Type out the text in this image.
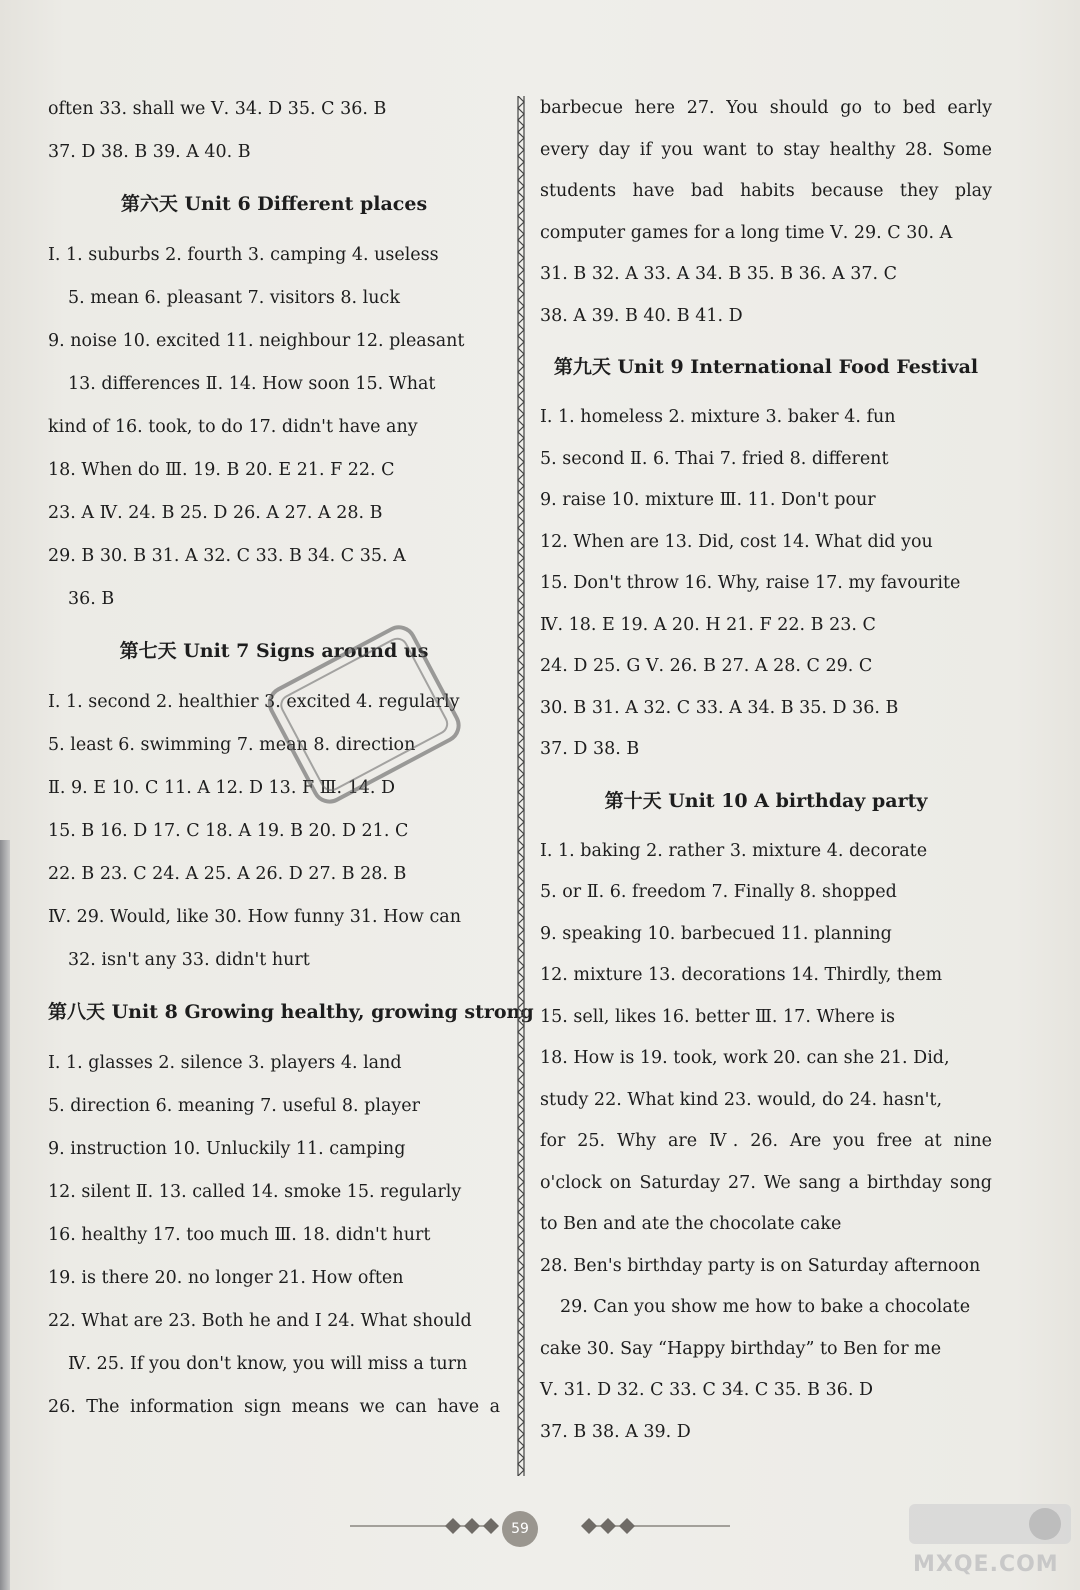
often 33. shall we Ⅴ. 34. D 35. C 36. B
37. D 38. B 39. A 40. B
第六天 Unit 6 Different places
Ⅰ. 1. suburbs 2. fourth 3. camping 4. useless
5. mean 6. pleasant 7. visitors 8. luck
9. noise 10. excited 11. neighbour 12. pleasant
13. differences Ⅱ. 14. How soon 15. What
kind of 16. took, to do 17. didn't have any
18. When do Ⅲ. 19. B 20. E 21. F 22. C
23. A Ⅳ. 24. B 25. D 26. A 27. A 28. B
29. B 30. B 31. A 32. C 33. B 34. C 35. A
36. B
第七天 Unit 7 Signs around us
Ⅰ. 1. second 2. healthier 3. excited 4. regularly
5. least 6. swimming 7. mean 8. direction
Ⅱ. 9. E 10. C 11. A 12. D 13. F Ⅲ. 14. D
15. B 16. D 17. C 18. A 19. B 20. D 21. C
22. B 23. C 24. A 25. A 26. D 27. B 28. B
Ⅳ. 29. Would, like 30. How funny 31. How can
32. isn't any 33. didn't hurt
第八天 Unit 8 Growing healthy, growing strong
Ⅰ. 1. glasses 2. silence 3. players 4. land
5. direction 6. meaning 7. useful 8. player
9. instruction 10. Unluckily 11. camping
12. silent Ⅱ. 13. called 14. smoke 15. regularly
16. healthy 17. too much Ⅲ. 18. didn't hurt
19. is there 20. no longer 21. How often
22. What are 23. Both he and I 24. What should
Ⅳ. 25. If you don't know, you will miss a turn
26. The information sign means we can have a
barbecue here 27. You should go to bed early
every day if you want to stay healthy 28. Some
students have bad habits because they play
computer games for a long time Ⅴ. 29. C 30. A
31. B 32. A 33. A 34. B 35. B 36. A 37. C
38. A 39. B 40. B 41. D
第九天 Unit 9 International Food Festival
Ⅰ. 1. homeless 2. mixture 3. baker 4. fun
5. second Ⅱ. 6. Thai 7. fried 8. different
9. raise 10. mixture Ⅲ. 11. Don't pour
12. When are 13. Did, cost 14. What did you
15. Don't throw 16. Why, raise 17. my favourite
Ⅳ. 18. E 19. A 20. H 21. F 22. B 23. C
24. D 25. G Ⅴ. 26. B 27. A 28. C 29. C
30. B 31. A 32. C 33. A 34. B 35. D 36. B
37. D 38. B
第十天 Unit 10 A birthday party
Ⅰ. 1. baking 2. rather 3. mixture 4. decorate
5. or Ⅱ. 6. freedom 7. Finally 8. shopped
9. speaking 10. barbecued 11. planning
12. mixture 13. decorations 14. Thirdly, them
15. sell, likes 16. better Ⅲ. 17. Where is
18. How is 19. took, work 20. can she 21. Did,
study 22. What kind 23. would, do 24. hasn't,
for 25. Why are Ⅳ. 26. Are you free at nine
o'clock on Saturday 27. We sang a birthday song
to Ben and ate the chocolate cake
28. Ben's birthday party is on Saturday afternoon
29. Can you show me how to bake a chocolate
cake 30. Say “Happy birthday” to Ben for me
Ⅴ. 31. D 32. C 33. C 34. C 35. B 36. D
37. B 38. A 39. D
59
MXQE.COM
